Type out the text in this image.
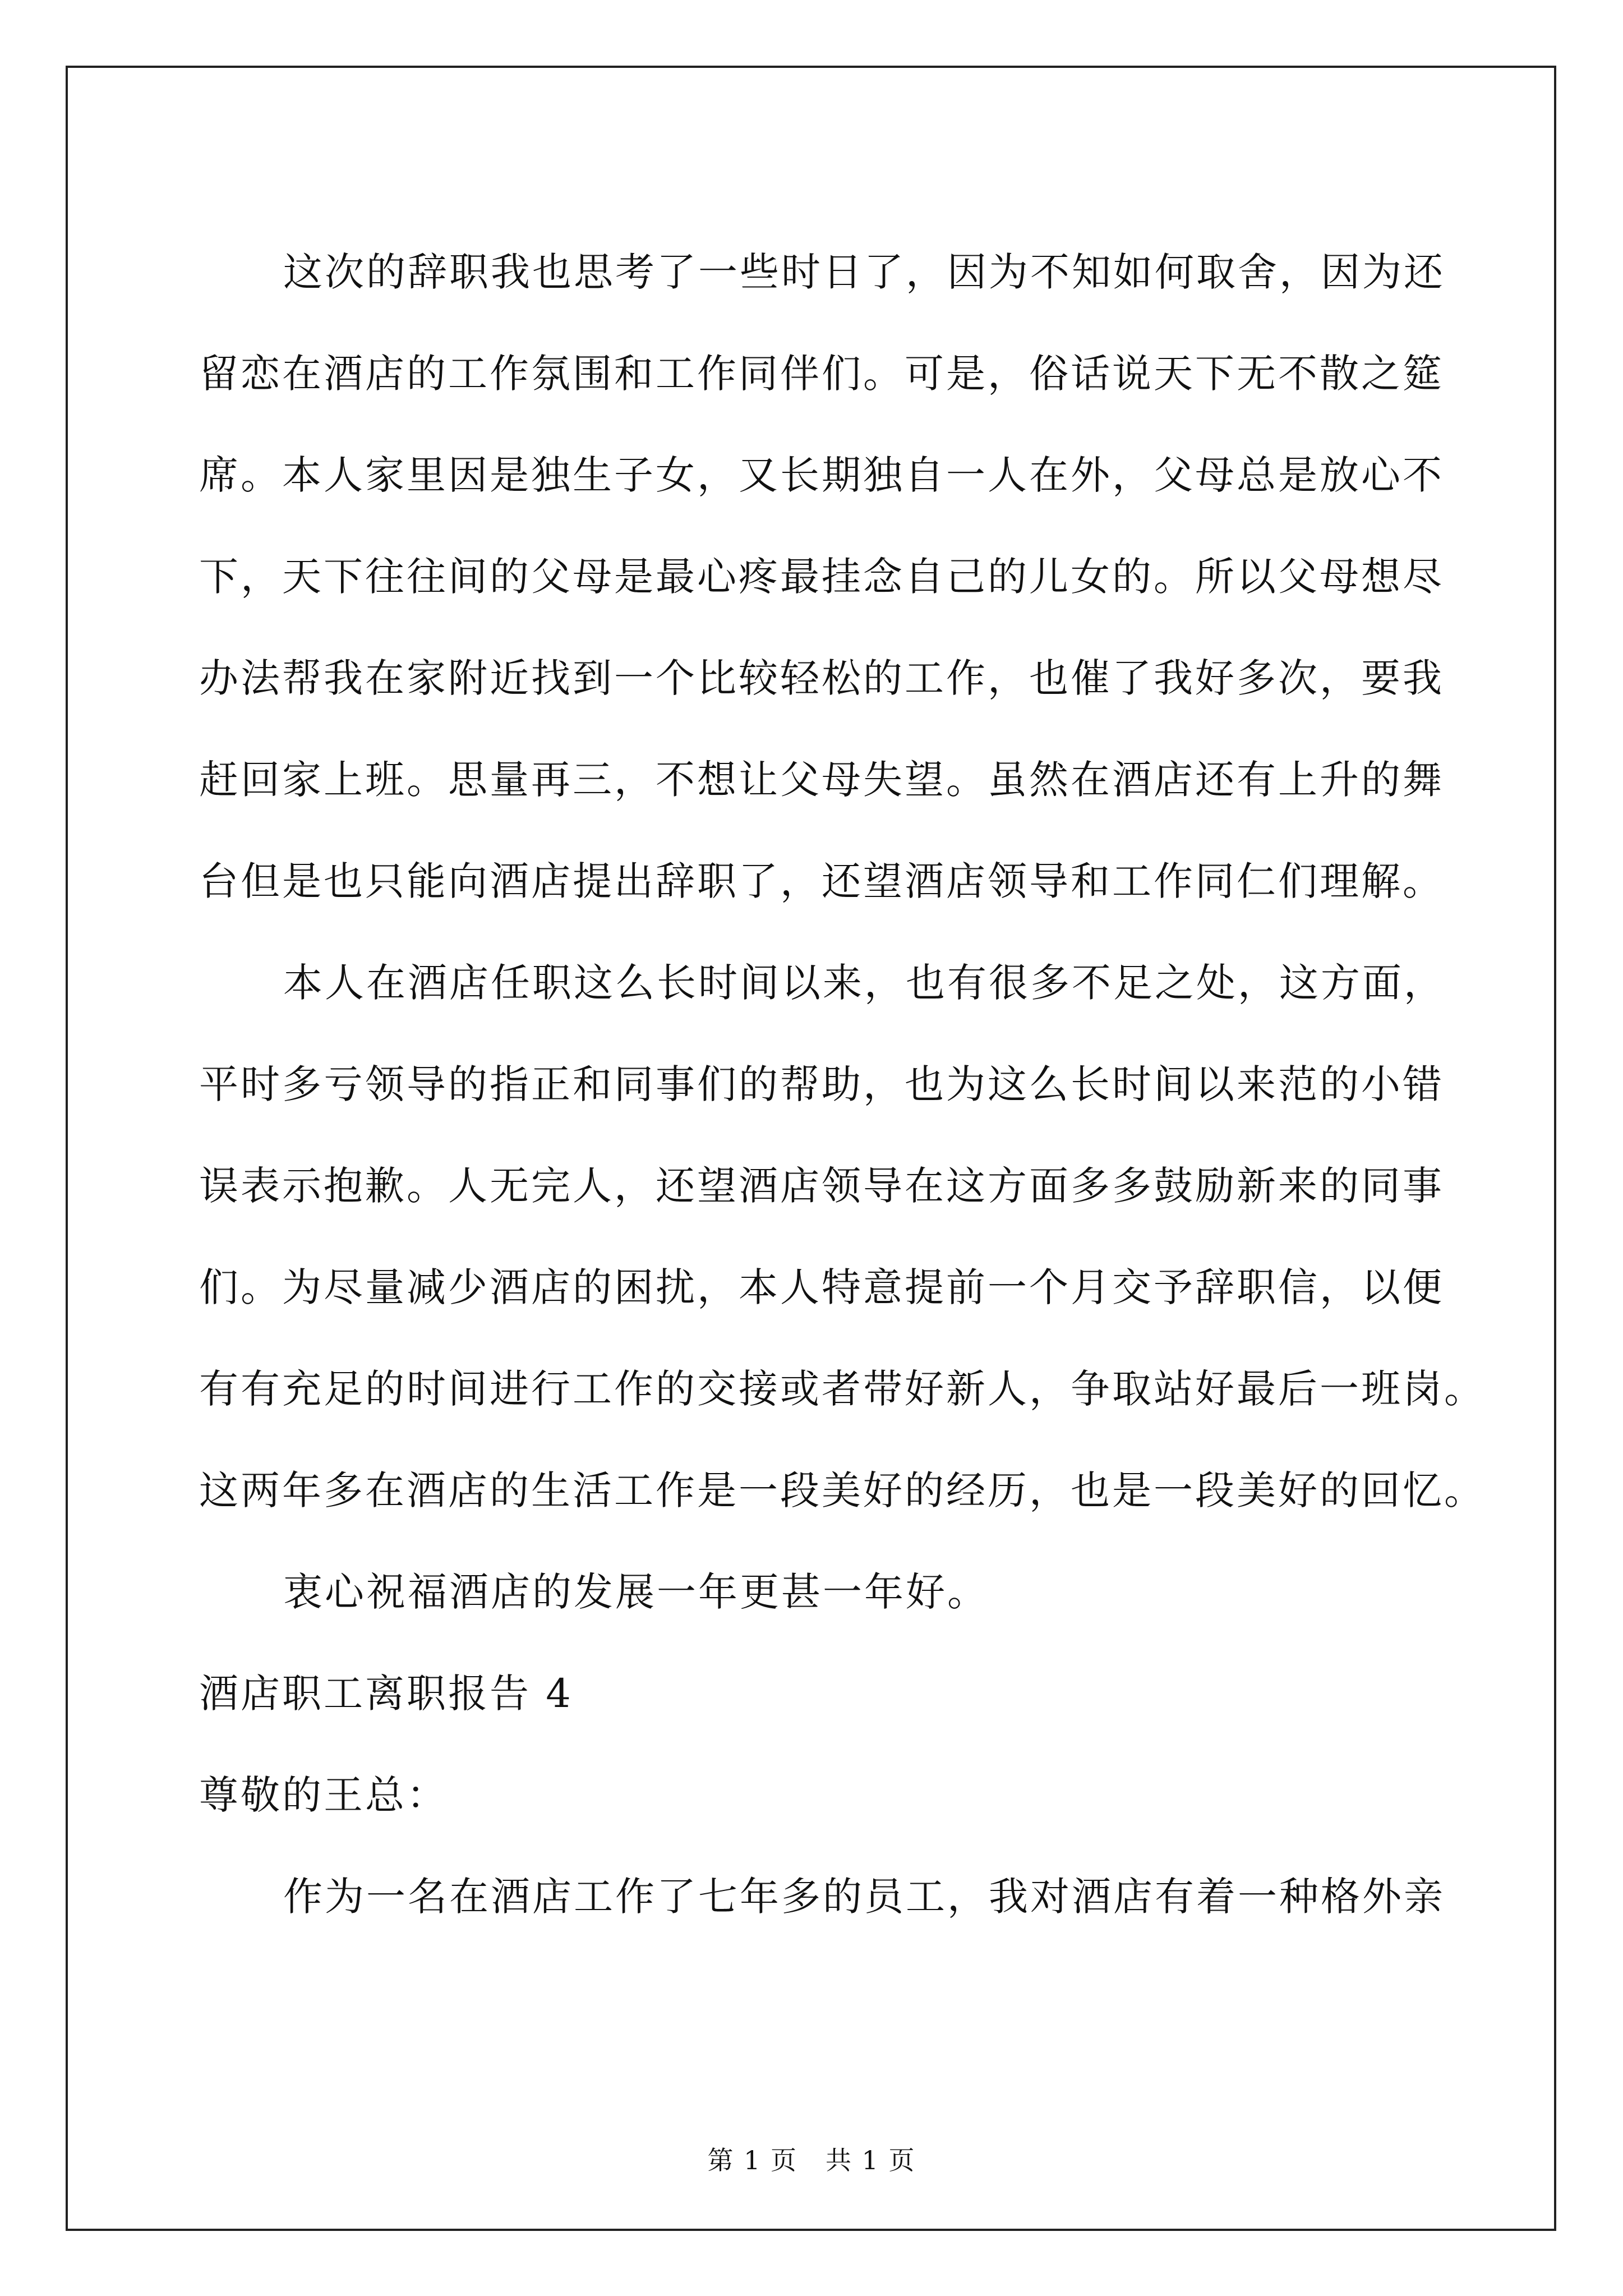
这次的辞职我也思考了一些时日了，因为不知如何取舍，因为还
留恋在酒店的工作氛围和工作同伴们。可是，俗话说天下无不散之筵
席。本人家里因是独生子女，又长期独自一人在外，父母总是放心不
下，天下往往间的父母是最心疼最挂念自己的儿女的。所以父母想尽
办法帮我在家附近找到一个比较轻松的工作，也催了我好多次，要我
赶回家上班。思量再三，不想让父母失望。虽然在酒店还有上升的舞
台但是也只能向酒店提出辞职了，还望酒店领导和工作同仁们理解。

本人在酒店任职这么长时间以来，也有很多不足之处，这方面，
平时多亏领导的指正和同事们的帮助，也为这么长时间以来范的小错
误表示抱歉。人无完人，还望酒店领导在这方面多多鼓励新来的同事
们。为尽量减少酒店的困扰，本人特意提前一个月交予辞职信，以便
有有充足的时间进行工作的交接或者带好新人，争取站好最后一班岗。
这两年多在酒店的生活工作是一段美好的经历，也是一段美好的回忆。

衷心祝福酒店的发展一年更甚一年好。

酒店职工离职报告 4

尊敬的王总：

作为一名在酒店工作了七年多的员工，我对酒店有着一种格外亲

第 1 页 共 1 页
